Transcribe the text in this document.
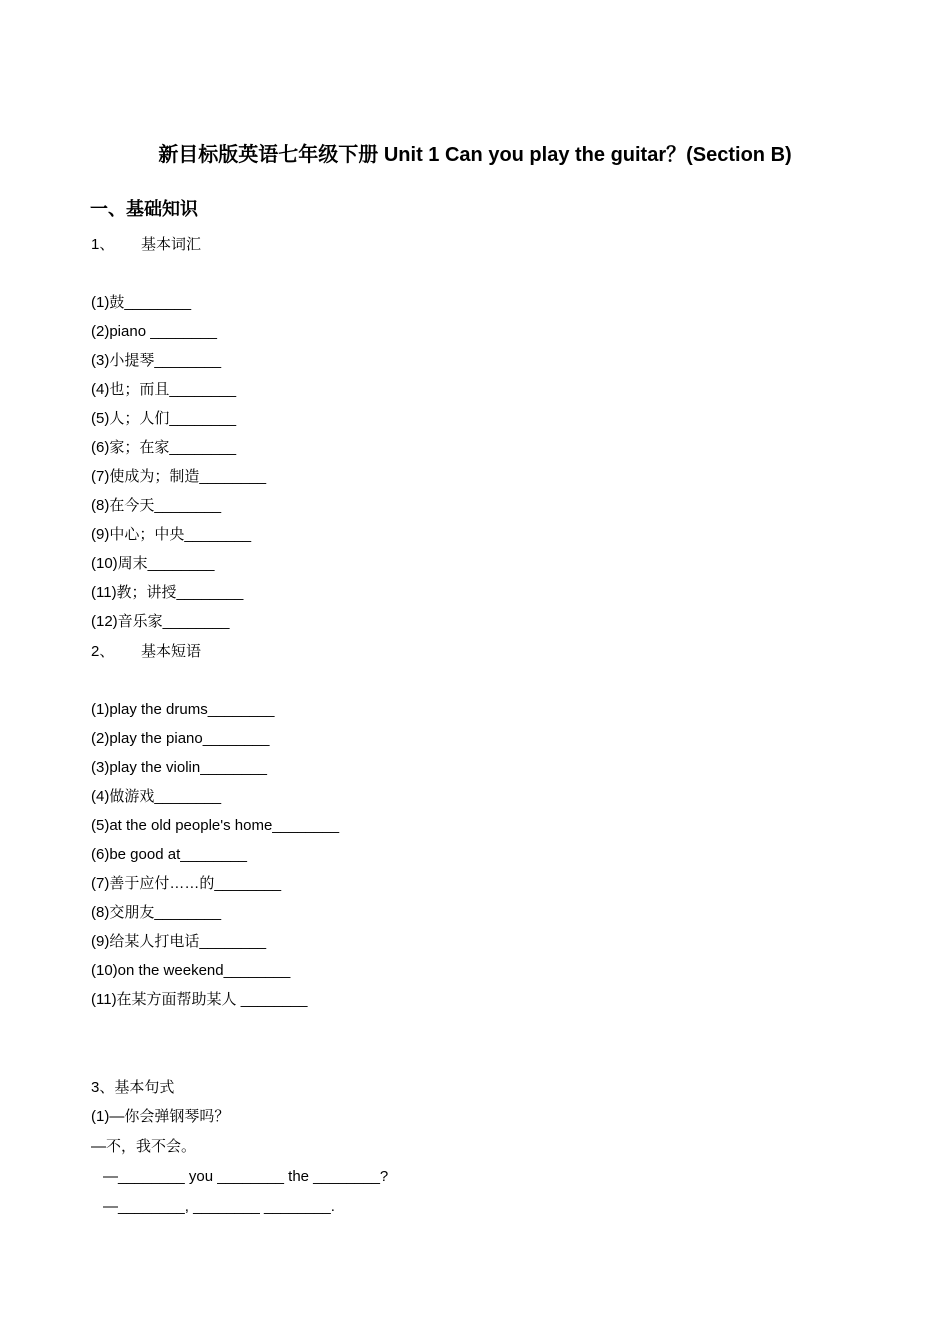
新目标版英语七年级下册 Unit 1 Can you play the guitar？(Section B)
一、基础知识
1、 基本词汇
(1)鼓________
(2)piano ________
(3)小提琴________
(4)也；而且________
(5)人；人们________
(6)家；在家________
(7)使成为；制造________
(8)在今天________
(9)中心；中央________
(10)周末________
(11)教；讲授________
(12)音乐家________
2、 基本短语
(1)play the drums________
(2)play the piano________
(3)play the violin________
(4)做游戏________
(5)at the old people's home________
(6)be good at________
(7)善于应付……的________
(8)交朋友________
(9)给某人打电话________
(10)on the weekend________
(11)在某方面帮助某人 ________
3、基本句式
(1)—你会弹钢琴吗？
—不，我不会。
—________ you ________ the ________?
—________, ________ ________.
